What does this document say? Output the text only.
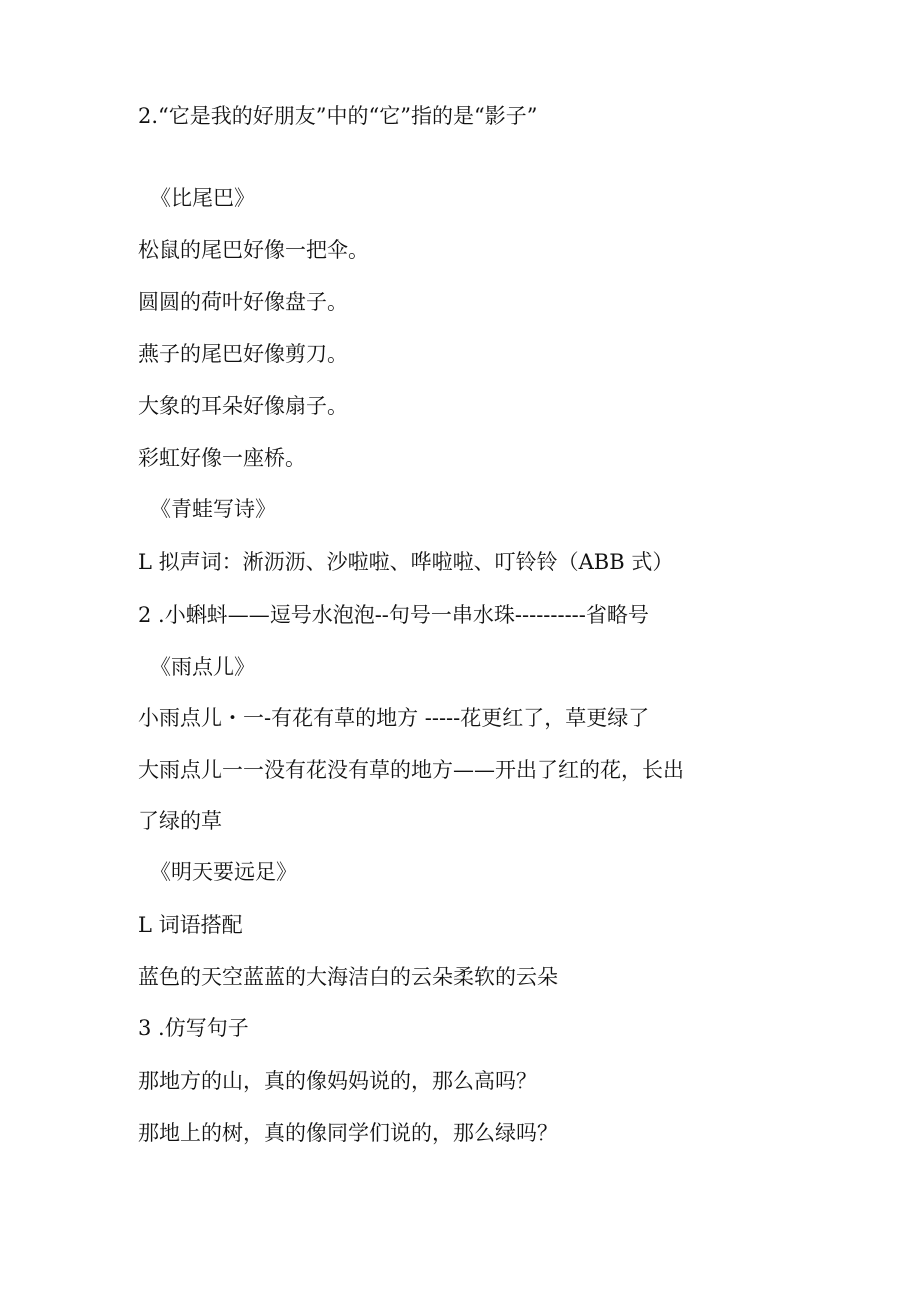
2.“它是我的好朋友”中的“它”指的是“影子”
《比尾巴》
松鼠的尾巴好像一把伞。
圆圆的荷叶好像盘子。
燕子的尾巴好像剪刀。
大象的耳朵好像扇子。
彩虹好像一座桥。
《青蛙写诗》
L 拟声词：淅沥沥、沙啦啦、哗啦啦、叮铃铃（ABB 式）
2 .小蝌蚪——逗号水泡泡--句号一串水珠----------省略号
《雨点儿》
小雨点儿・一-有花有草的地方 -----花更红了，草更绿了
大雨点儿一一没有花没有草的地方——开出了红的花，长出
了绿的草
《明天要远足》
L 词语搭配
蓝色的天空蓝蓝的大海洁白的云朵柔软的云朵
3 .仿写句子
那地方的山，真的像妈妈说的，那么高吗？
那地上的树，真的像同学们说的，那么绿吗？
